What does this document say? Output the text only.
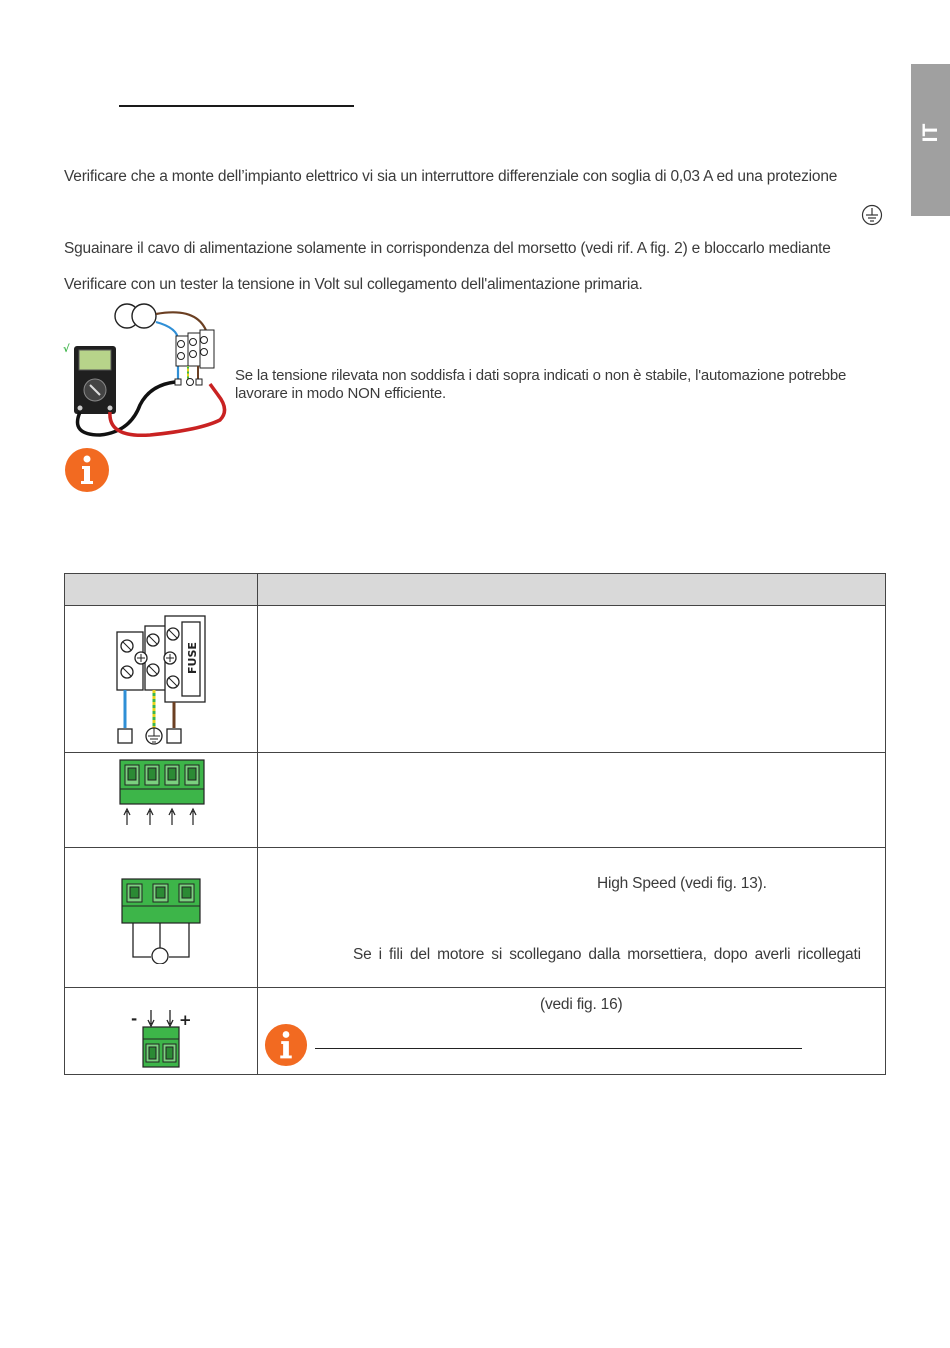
IT
Verificare che a monte dell’impianto elettrico vi sia un interruttore differenziale con soglia di 0,03 A ed una protezione
Sguainare il cavo di alimentazione solamente in corrispondenza del morsetto (vedi rif. A fig. 2) e bloccarlo mediante
Verificare con un tester la tensione in Volt sul collegamento dell'alimentazione primaria.
√
Se la tensione rilevata non soddisfa i dati sopra indicati o non è stabile, l'automazione potrebbe
lavorare in modo NON efficiente.

FUSE	

High Speed (vedi fig. 13).
Se i fili del motore si scollegano dalla morsettiera, dopo averli ricollegati

- +	(vedi fig. 16)
